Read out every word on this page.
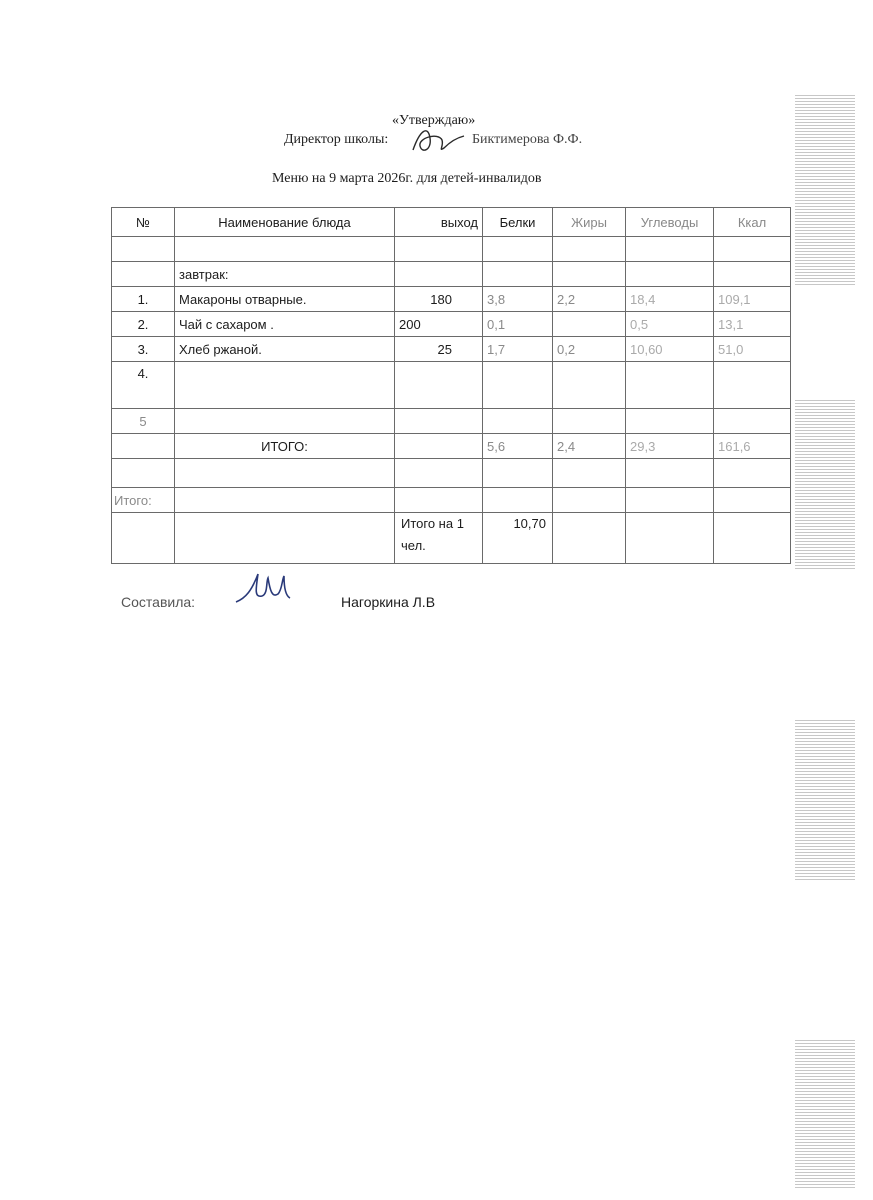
«Утверждаю»
Директор школы:	Биктимерова Ф.Ф.
Меню на 9 марта 2026г. для детей-инвалидов
№	Наименование блюда	выход	Белки	Жиры	Углеводы	Ккал

	завтрак:					
1.	Макароны отварные.	180	3,8	2,2	18,4	109,1
2.	Чай с сахаром .	200	0,1		0,5	13,1
3.	Хлеб ржаной.	25	1,7	0,2	10,60	51,0
4.						
5						
	ИТОГО:		5,6	2,4	29,3	161,6

Итого:						
		Итого на 1 чел.	10,70			
Составила:	Нагоркина Л.В
